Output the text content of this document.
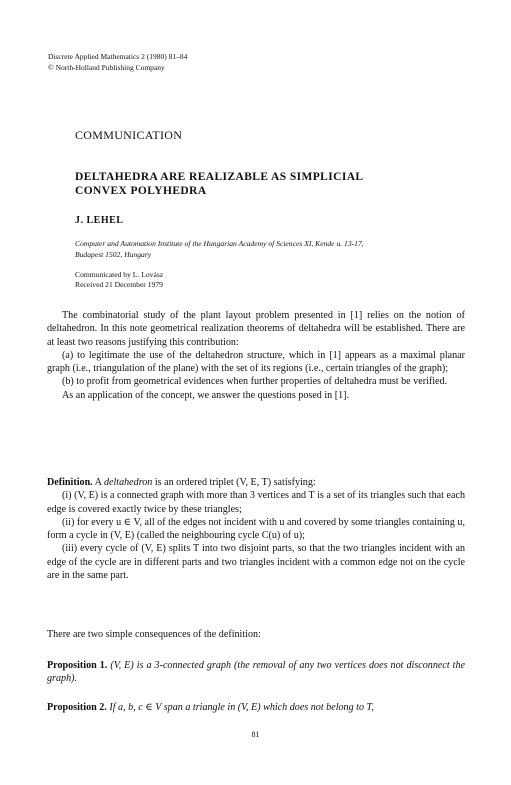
Discrete Applied Mathematics 2 (1980) 81–84
© North-Holland Publishing Company
COMMUNICATION
DELTAHEDRA ARE REALIZABLE AS SIMPLICIAL
CONVEX POLYHEDRA
J. LEHEL
Computer and Automation Institute of the Hungarian Academy of Sciences XI, Kende u. 13-17,
Budapest 1502, Hungary
Communicated by L. Lovász
Received 21 December 1979

The combinatorial study of the plant layout problem presented in [1] relies on the notion of deltahedron. In this note geometrical realization theorems of deltahedra will be established. There are at least two reasons justifying this contribution:

(a) to legitimate the use of the deltahedron structure, which in [1] appears as a maximal planar graph (i.e., triangulation of the plane) with the set of its regions (i.e., certain triangles of the graph);

(b) to profit from geometrical evidences when further properties of deltahedra must be verified.

As an application of the concept, we answer the questions posed in [1].

Definition. A deltahedron is an ordered triplet (V, E, T) satisfying:

(i) (V, E) is a connected graph with more than 3 vertices and T is a set of its triangles such that each edge is covered exactly twice by these triangles;

(ii) for every u ∈ V, all of the edges not incident with u and covered by some triangles containing u, form a cycle in (V, E) (called the neighbouring cycle C(u) of u);

(iii) every cycle of (V, E) splits T into two disjoint parts, so that the two triangles incident with an edge of the cycle are in different parts and two triangles incident with a common edge not on the cycle are in the same part.

There are two simple consequences of the definition:

Proposition 1. (V, E) is a 3-connected graph (the removal of any two vertices does not disconnect the graph).

Proposition 2. If a, b, c ∈ V span a triangle in (V, E) which does not belong to T,

81
